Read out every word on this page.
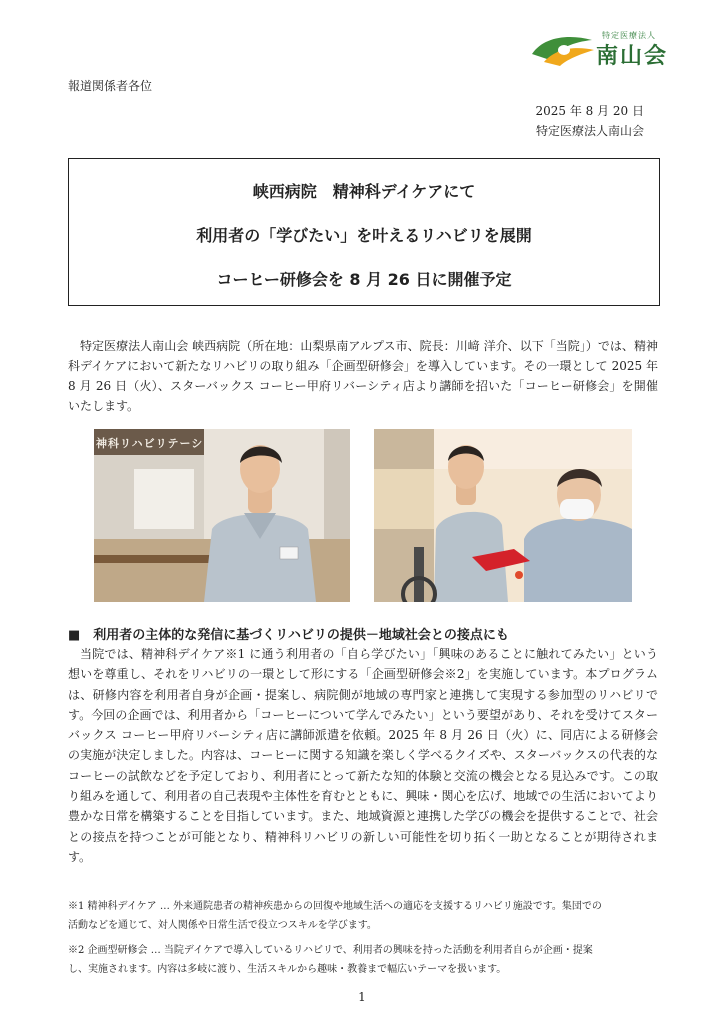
特定医療法人
南山会
報道関係者各位
2025 年 8 月 20 日
特定医療法人南山会
峡西病院　精神科デイケアにて
利用者の「学びたい」を叶えるリハビリを展開
コーヒー研修会を 8 月 26 日に開催予定
特定医療法人南山会 峡西病院（所在地：山梨県南アルプス市、院長：川﨑 洋介、以下「当院」）では、精神科デイケアにおいて新たなリハビリの取り組み「企画型研修会」を導入しています。その一環として 2025 年 8 月 26 日（火）、スターバックス コーヒー甲府リバーシティ店より講師を招いた「コーヒー研修会」を開催いたします。
神科リハビリテーシ
■　利用者の主体的な発信に基づくリハビリの提供－地域社会との接点にも
当院では、精神科デイケア※1 に通う利用者の「自ら学びたい」「興味のあることに触れてみたい」という想いを尊重し、それをリハビリの一環として形にする「企画型研修会※2」を実施しています。本プログラムは、研修内容を利用者自身が企画・提案し、病院側が地域の専門家と連携して実現する参加型のリハビリです。今回の企画では、利用者から「コーヒーについて学んでみたい」という要望があり、それを受けてスターバックス コーヒー甲府リバーシティ店に講師派遣を依頼。2025 年 8 月 26 日（火）に、同店による研修会の実施が決定しました。内容は、コーヒーに関する知識を楽しく学べるクイズや、スターバックスの代表的なコーヒーの試飲などを予定しており、利用者にとって新たな知的体験と交流の機会となる見込みです。この取り組みを通して、利用者の自己表現や主体性を育むとともに、興味・関心を広げ、地域での生活においてより豊かな日常を構築することを目指しています。また、地域資源と連携した学びの機会を提供することで、社会との接点を持つことが可能となり、精神科リハビリの新しい可能性を切り拓く一助となることが期待されます。
※1 精神科デイケア … 外来通院患者の精神疾患からの回復や地域生活への適応を支援するリハビリ施設です。集団での
活動などを通じて、対人関係や日常生活で役立つスキルを学びます。
※2 企画型研修会 … 当院デイケアで導入しているリハビリで、利用者の興味を持った活動を利用者自らが企画・提案
し、実施されます。内容は多岐に渡り、生活スキルから趣味・教養まで幅広いテーマを扱います。
1
